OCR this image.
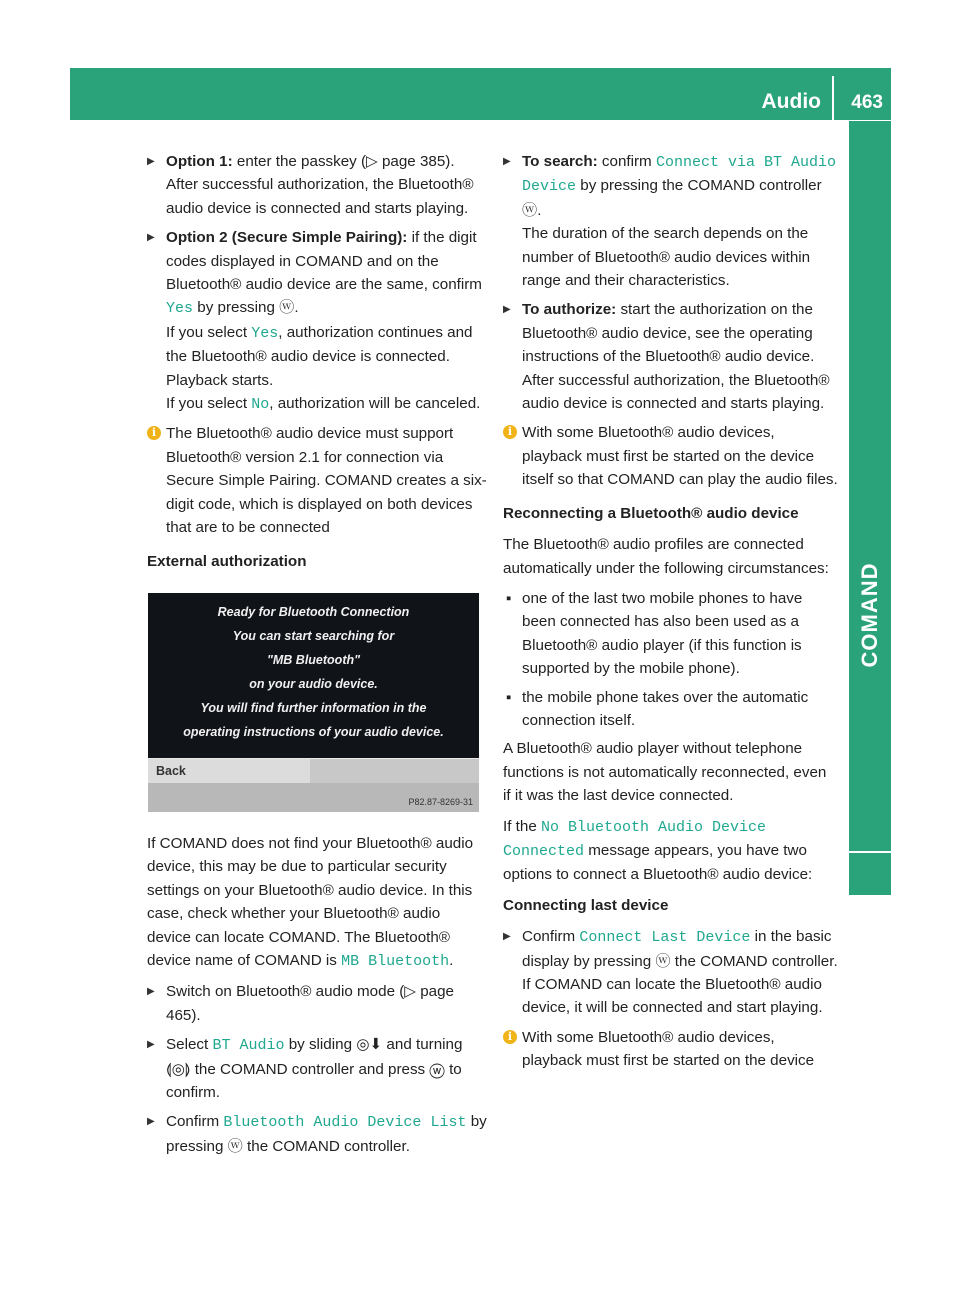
Audio 463
COMAND
▶ Option 1: enter the passkey (▷ page 385). After successful authorization, the Bluetooth® audio device is connected and starts playing.
▶ Option 2 (Secure Simple Pairing): if the digit codes displayed in COMAND and on the Bluetooth® audio device are the same, confirm Yes by pressing ⓦ.
If you select Yes, authorization continues and the Bluetooth® audio device is connected. Playback starts.
If you select No, authorization will be canceled.
i The Bluetooth® audio device must support Bluetooth® version 2.1 for connection via Secure Simple Pairing. COMAND creates a six-digit code, which is displayed on both devices that are to be connected
External authorization
Ready for Bluetooth Connection
You can start searching for
"MB Bluetooth"
on your audio device.
You will find further information in the
operating instructions of your audio device.
Back
P82.87-8269-31
If COMAND does not find your Bluetooth® audio device, this may be due to particular security settings on your Bluetooth® audio device. In this case, check whether your Bluetooth® audio device can locate COMAND. The Bluetooth® device name of COMAND is MB Bluetooth.
▶ Switch on Bluetooth® audio mode (▷ page 465).
▶ Select BT Audio by sliding ◎⬇ and turning ⟬◎⟭ the COMAND controller and press ⓦ to confirm.
▶ Confirm Bluetooth Audio Device List by pressing ⓦ the COMAND controller.
▶ To search: confirm Connect via BT Audio Device by pressing the COMAND controller ⓦ.
The duration of the search depends on the number of Bluetooth® audio devices within range and their characteristics.
▶ To authorize: start the authorization on the Bluetooth® audio device, see the operating instructions of the Bluetooth® audio device.
After successful authorization, the Bluetooth® audio device is connected and starts playing.
i With some Bluetooth® audio devices, playback must first be started on the device itself so that COMAND can play the audio files.
Reconnecting a Bluetooth® audio device
The Bluetooth® audio profiles are connected automatically under the following circumstances:
▪ one of the last two mobile phones to have been connected has also been used as a Bluetooth® audio player (if this function is supported by the mobile phone).
▪ the mobile phone takes over the automatic connection itself.
A Bluetooth® audio player without telephone functions is not automatically reconnected, even if it was the last device connected.
If the No Bluetooth Audio Device Connected message appears, you have two options to connect a Bluetooth® audio device:
Connecting last device
▶ Confirm Connect Last Device in the basic display by pressing ⓦ the COMAND controller.
If COMAND can locate the Bluetooth® audio device, it will be connected and start playing.
i With some Bluetooth® audio devices, playback must first be started on the device
